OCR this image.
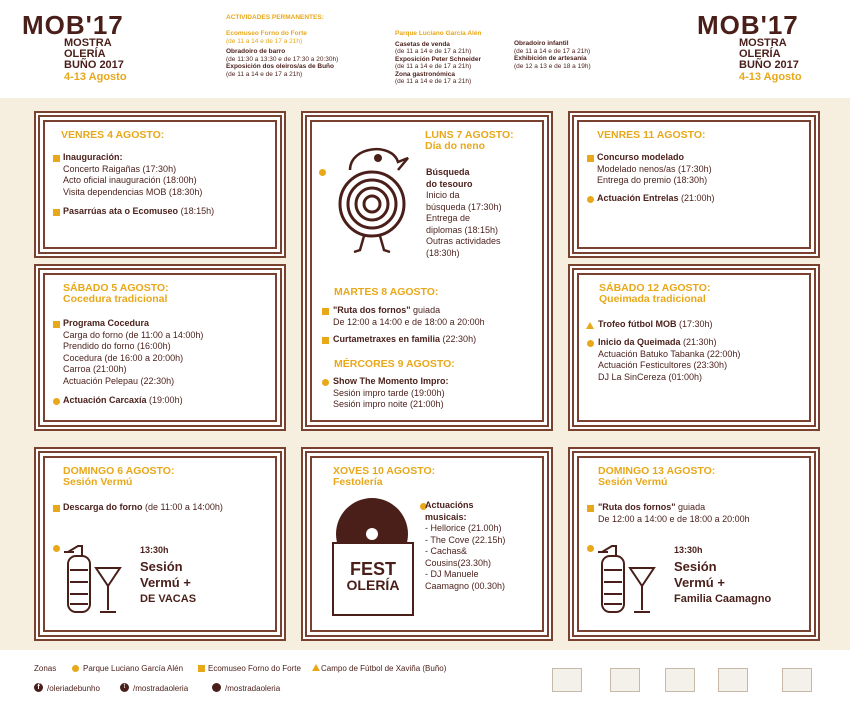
MOB'17
MOSTRA
OLERÍA
BUÑO 2017
4-13 Agosto
MOB'17
MOSTRA
OLERÍA
BUÑO 2017
4-13 Agosto
ACTIVIDADES PERMANENTES:
Ecomuseo Forno do Forte
(de 11 a 14 e de 17 a 21h)
Obradoiro de barro
(de 11:30 a 13:30 e de 17:30 a 20:30h)
Exposición dos oleiros/as de Buño
(de 11 a 14 e de 17 a 21h)
Parque Luciano García Alén
Casetas de venda
(de 11 a 14 e de 17 a 21h)
Exposición Peter Schneider
(de 11 a 14 e de 17 a 21h)
Zona gastronómica
(de 11 a 14 e de 17 a 21h)
Obradoiro infantil
(de 11 a 14 e de 17 a 21h)
Exhibición de artesanía
(de 12 a 13 e de 18 a 19h)
VENRES 4 AGOSTO:
Inauguración:
Concerto Raigañas (17:30h)
Acto oficial inauguración (18:00h)
Visita dependencias MOB (18:30h)
Pasarrúas ata o Ecomuseo (18:15h)
VENRES 11 AGOSTO:
Concurso modelado
Modelado nenos/as (17:30h)
Entrega do premio (18:30h)
Actuación Entrelas (21:00h)
LUNS 7 AGOSTO:
Día do neno
Búsqueda
do tesouro
Inicio da
búsqueda (17:30h)
Entrega de
diplomas (18:15h)
Outras actividades
(18:30h)
MARTES 8 AGOSTO:
"Ruta dos fornos" guiada
De 12:00 a 14:00 e de 18:00 a 20:00h
Curtametraxes en familia (22:30h)
MÉRCORES 9 AGOSTO:
Show The Momento Impro:
Sesión impro tarde (19:00h)
Sesión impro noite (21:00h)
SÁBADO 5 AGOSTO:
Cocedura tradicional
Programa Cocedura
Carga do forno (de 11:00 a 14:00h)
Prendido do forno (16:00h)
Cocedura (de 16:00 a 20:00h)
Carroa (21:00h)
Actuación Pelepau (22:30h)
Actuación Carcaxía (19:00h)
SÁBADO 12 AGOSTO:
Queimada tradicional
Trofeo fútbol MOB (17:30h)
Inicio da Queimada (21:30h)
Actuación Batuko Tabanka (22:00h)
Actuación Festicultores (23:30h)
DJ La SinCereza (01:00h)
DOMINGO 6 AGOSTO:
Sesión Vermú
Descarga do forno (de 11:00 a 14:00h)
13:30h
Sesión
Vermú +
DE VACAS
XOVES 10 AGOSTO:
Festolería
FEST
OLERÍA
Actuacións
musicais:
- Hellorice (21.00h)
- The Cove (22.15h)
- Cachas&
Cousins(23.30h)
- DJ Manuele
Caamagno (00.30h)
DOMINGO 13 AGOSTO:
Sesión Vermú
"Ruta dos fornos" guiada
De 12:00 a 14:00 e de 18:00 a 20:00h
13:30h
Sesión
Vermú +
Familia Caamagno
Zonas	Parque Luciano García Alén	Ecomuseo Forno do Forte	Campo de Fútbol de Xaviña (Buño)
f /oleriadebunho	t /mostradaoleria	/mostradaoleria
